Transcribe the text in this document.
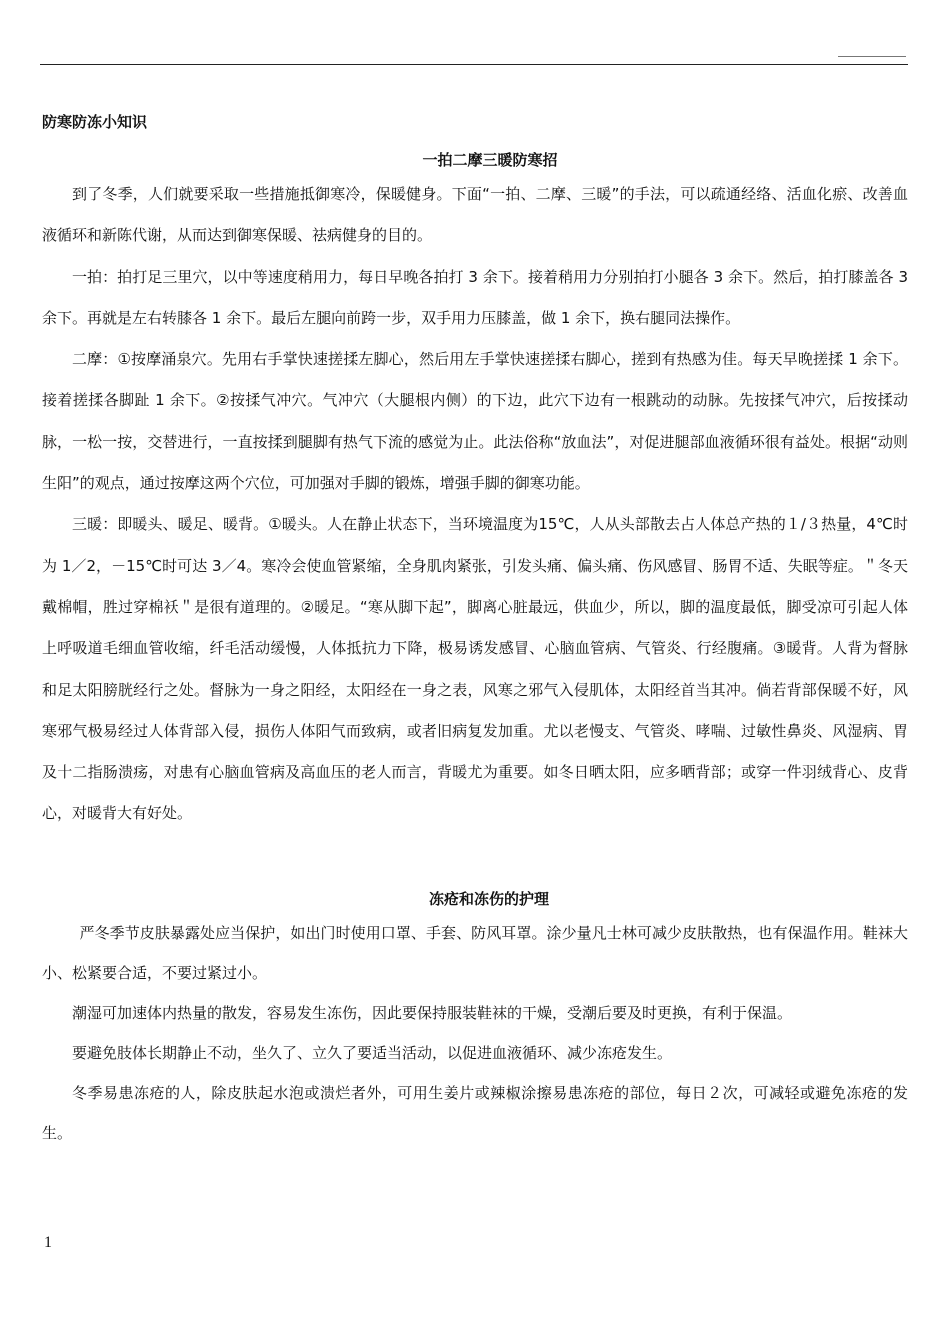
防寒防冻小知识
一拍二摩三暖防寒招

到了冬季，人们就要采取一些措施抵御寒冷，保暖健身。下面“一拍、二摩、三暖”的手法，可以疏通经络、活血化瘀、改善血液循环和新陈代谢，从而达到御寒保暖、祛病健身的目的。

一拍：拍打足三里穴，以中等速度稍用力，每日早晚各拍打 3 余下。接着稍用力分别拍打小腿各 3 余下。然后，拍打膝盖各 3 余下。再就是左右转膝各 1 余下。最后左腿向前跨一步，双手用力压膝盖，做 1 余下，换右腿同法操作。

二摩：①按摩涌泉穴。先用右手掌快速搓揉左脚心，然后用左手掌快速搓揉右脚心，搓到有热感为佳。每天早晚搓揉 1 余下。接着搓揉各脚趾 1 余下。②按揉气冲穴。气冲穴（大腿根内侧）的下边，此穴下边有一根跳动的动脉。先按揉气冲穴，后按揉动脉，一松一按，交替进行，一直按揉到腿脚有热气下流的感觉为止。此法俗称“放血法”，对促进腿部血液循环很有益处。根据“动则生阳”的观点，通过按摩这两个穴位，可加强对手脚的锻炼，增强手脚的御寒功能。

三暖：即暖头、暖足、暖背。①暖头。人在静止状态下，当环境温度为15℃，人从头部散去占人体总产热的１/３热量，4℃时为 1／2，－15℃时可达 3／4。寒冷会使血管紧缩，全身肌肉紧张，引发头痛、偏头痛、伤风感冒、肠胃不适、失眠等症。＂冬天戴棉帽，胜过穿棉袄＂是很有道理的。②暖足。“寒从脚下起”，脚离心脏最远，供血少，所以，脚的温度最低，脚受凉可引起人体上呼吸道毛细血管收缩，纤毛活动缓慢，人体抵抗力下降，极易诱发感冒、心脑血管病、气管炎、行经腹痛。③暖背。人背为督脉和足太阳膀胱经行之处。督脉为一身之阳经，太阳经在一身之表，风寒之邪气入侵肌体，太阳经首当其冲。倘若背部保暖不好，风寒邪气极易经过人体背部入侵，损伤人体阳气而致病，或者旧病复发加重。尤以老慢支、气管炎、哮喘、过敏性鼻炎、风湿病、胃及十二指肠溃疡，对患有心脑血管病及高血压的老人而言，背暖尤为重要。如冬日晒太阳，应多晒背部；或穿一件羽绒背心、皮背心，对暖背大有好处。

冻疮和冻伤的护理

严冬季节皮肤暴露处应当保护，如出门时使用口罩、手套、防风耳罩。涂少量凡士林可减少皮肤散热，也有保温作用。鞋袜大小、松紧要合适，不要过紧过小。

潮湿可加速体内热量的散发，容易发生冻伤，因此要保持服装鞋袜的干燥，受潮后要及时更换，有利于保温。

要避免肢体长期静止不动，坐久了、立久了要适当活动，以促进血液循环、减少冻疮发生。

冬季易患冻疮的人，除皮肤起水泡或溃烂者外，可用生姜片或辣椒涂擦易患冻疮的部位，每日２次，可减轻或避免冻疮的发生。

1
